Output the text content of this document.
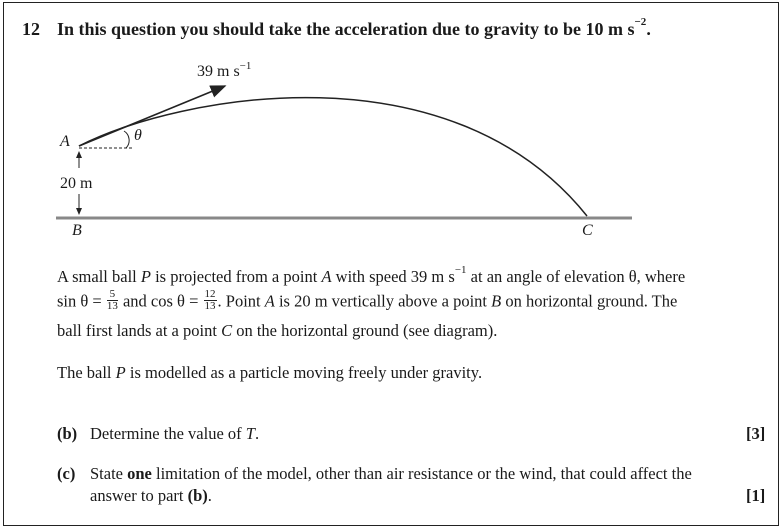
12 In this question you should take the acceleration due to gravity to be 10 m $s^{-2}$.
39 m $s^{-1}$
A	θ
20 m
B	C
A small ball P is projected from a point A with speed 39 m $s^{-1}$ at an angle of elevation θ, where
$\sin \theta = \frac{5}{13}$ and $\cos \theta = \frac{12}{13}$ . Point A is 20 m vertically above a point B on horizontal ground. The
ball first lands at a point C on the horizontal ground (see diagram).
The ball P is modelled as a particle moving freely under gravity.
(b) Determine the value of T.	[3]
(c) State one limitation of the model, other than air resistance or the wind, that could affect the
answer to part (b).	[1]
